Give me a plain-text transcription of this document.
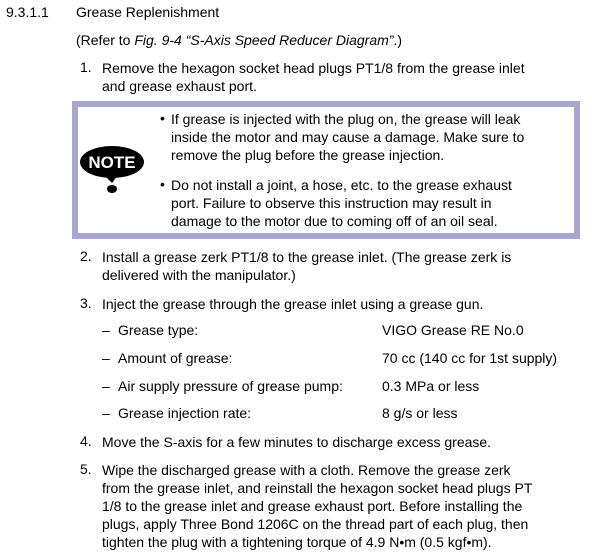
9.3.1.1 Grease Replenishment
(Refer to Fig. 9-4 “S-Axis Speed Reducer Diagram”.)
1. Remove the hexagon socket head plugs PT1/8 from the grease inlet
and grease exhaust port.
NOTE
• If grease is injected with the plug on, the grease will leak
inside the motor and may cause a damage. Make sure to
remove the plug before the grease injection.
• Do not install a joint, a hose, etc. to the grease exhaust
port. Failure to observe this instruction may result in
damage to the motor due to coming off of an oil seal.
2. Install a grease zerk PT1/8 to the grease inlet. (The grease zerk is
delivered with the manipulator.)
3. Inject the grease through the grease inlet using a grease gun.
– Grease type:	VIGO Grease RE No.0
– Amount of grease:	70 cc (140 cc for 1st supply)
– Air supply pressure of grease pump:	0.3 MPa or less
– Grease injection rate:	8 g/s or less
4. Move the S-axis for a few minutes to discharge excess grease.
5. Wipe the discharged grease with a cloth. Remove the grease zerk
from the grease inlet, and reinstall the hexagon socket head plugs PT
1/8 to the grease inlet and grease exhaust port. Before installing the
plugs, apply Three Bond 1206C on the thread part of each plug, then
tighten the plug with a tightening torque of 4.9 N•m (0.5 kgf•m).
